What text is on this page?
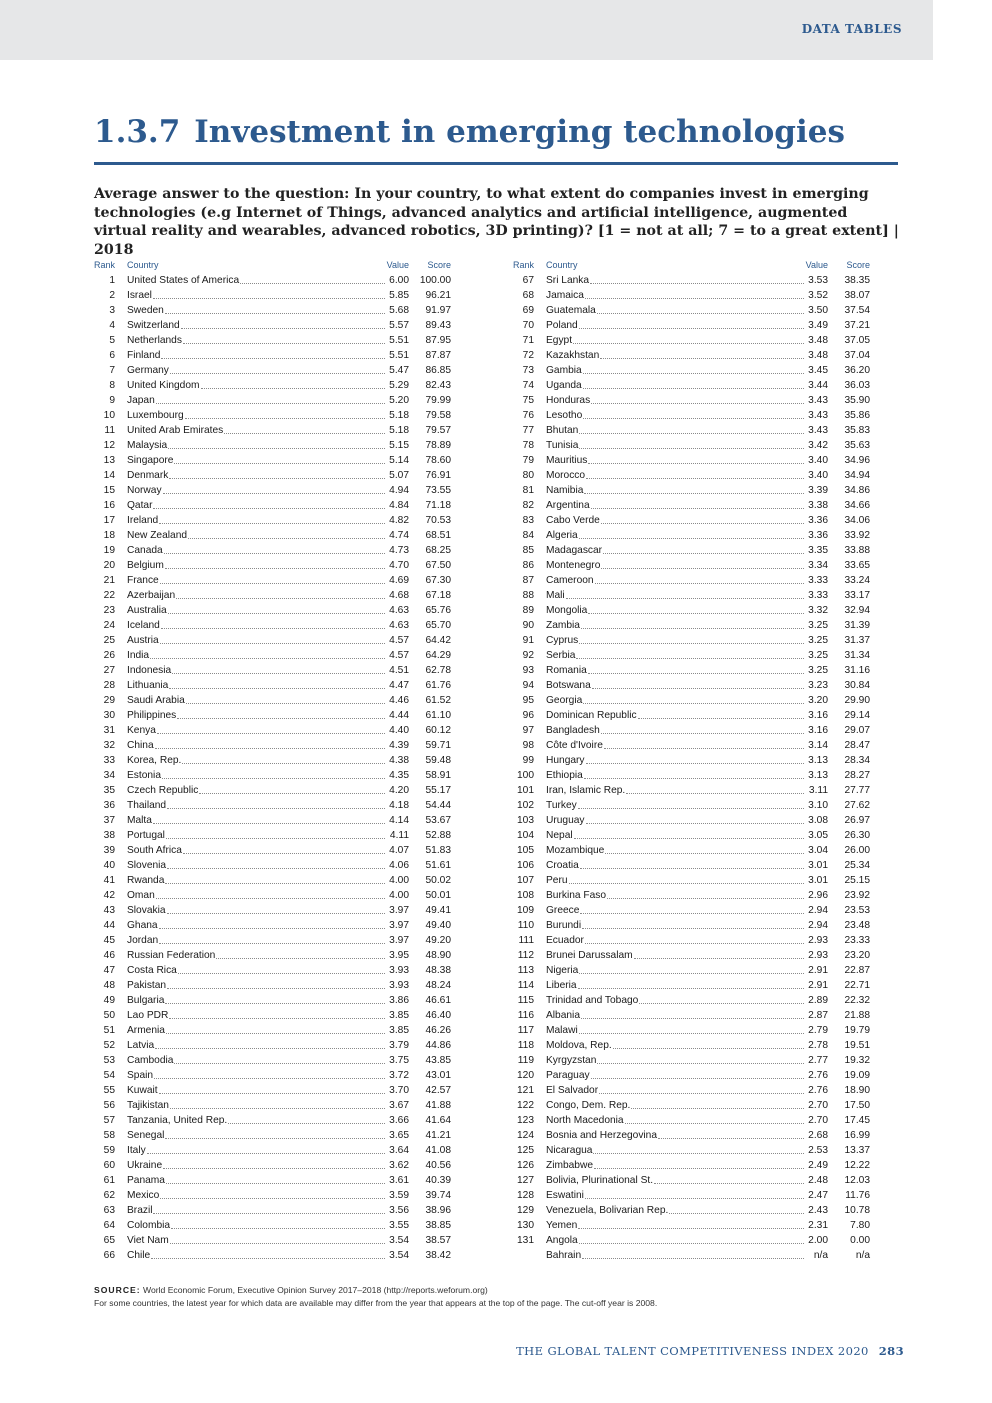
DATA TABLES
1.3.7 Investment in emerging technologies
Average answer to the question: In your country, to what extent do companies invest in emerging technologies (e.g Internet of Things, advanced analytics and artificial intelligence, augmented virtual reality and wearables, advanced robotics, 3D printing)? [1 = not at all; 7 = to a great extent] | 2018
Rank Country	Value	Score
1 United States of America	6.00	100.00
2 Israel	5.85	96.21
3 Sweden	5.68	91.97
4 Switzerland	5.57	89.43
5 Netherlands	5.51	87.95
6 Finland	5.51	87.87
7 Germany	5.47	86.85
8 United Kingdom	5.29	82.43
9 Japan	5.20	79.99
10 Luxembourg	5.18	79.58
11 United Arab Emirates	5.18	79.57
12 Malaysia	5.15	78.89
13 Singapore	5.14	78.60
14 Denmark	5.07	76.91
15 Norway	4.94	73.55
16 Qatar	4.84	71.18
17 Ireland	4.82	70.53
18 New Zealand	4.74	68.51
19 Canada	4.73	68.25
20 Belgium	4.70	67.50
21 France	4.69	67.30
22 Azerbaijan	4.68	67.18
23 Australia	4.63	65.76
24 Iceland	4.63	65.70
25 Austria	4.57	64.42
26 India	4.57	64.29
27 Indonesia	4.51	62.78
28 Lithuania	4.47	61.76
29 Saudi Arabia	4.46	61.52
30 Philippines	4.44	61.10
31 Kenya	4.40	60.12
32 China	4.39	59.71
33 Korea, Rep.	4.38	59.48
34 Estonia	4.35	58.91
35 Czech Republic	4.20	55.17
36 Thailand	4.18	54.44
37 Malta	4.14	53.67
38 Portugal	4.11	52.88
39 South Africa	4.07	51.83
40 Slovenia	4.06	51.61
41 Rwanda	4.00	50.02
42 Oman	4.00	50.01
43 Slovakia	3.97	49.41
44 Ghana	3.97	49.40
45 Jordan	3.97	49.20
46 Russian Federation	3.95	48.90
47 Costa Rica	3.93	48.38
48 Pakistan	3.93	48.24
49 Bulgaria	3.86	46.61
50 Lao PDR	3.85	46.40
51 Armenia	3.85	46.26
52 Latvia	3.79	44.86
53 Cambodia	3.75	43.85
54 Spain	3.72	43.01
55 Kuwait	3.70	42.57
56 Tajikistan	3.67	41.88
57 Tanzania, United Rep.	3.66	41.64
58 Senegal	3.65	41.21
59 Italy	3.64	41.08
60 Ukraine	3.62	40.56
61 Panama	3.61	40.39
62 Mexico	3.59	39.74
63 Brazil	3.56	38.96
64 Colombia	3.55	38.85
65 Viet Nam	3.54	38.57
66 Chile	3.54	38.42
Rank Country	Value	Score
67 Sri Lanka	3.53	38.35
68 Jamaica	3.52	38.07
69 Guatemala	3.50	37.54
70 Poland	3.49	37.21
71 Egypt	3.48	37.05
72 Kazakhstan	3.48	37.04
73 Gambia	3.45	36.20
74 Uganda	3.44	36.03
75 Honduras	3.43	35.90
76 Lesotho	3.43	35.86
77 Bhutan	3.43	35.83
78 Tunisia	3.42	35.63
79 Mauritius	3.40	34.96
80 Morocco	3.40	34.94
81 Namibia	3.39	34.86
82 Argentina	3.38	34.66
83 Cabo Verde	3.36	34.06
84 Algeria	3.36	33.92
85 Madagascar	3.35	33.88
86 Montenegro	3.34	33.65
87 Cameroon	3.33	33.24
88 Mali	3.33	33.17
89 Mongolia	3.32	32.94
90 Zambia	3.25	31.39
91 Cyprus	3.25	31.37
92 Serbia	3.25	31.34
93 Romania	3.25	31.16
94 Botswana	3.23	30.84
95 Georgia	3.20	29.90
96 Dominican Republic	3.16	29.14
97 Bangladesh	3.16	29.07
98 Côte d'Ivoire	3.14	28.47
99 Hungary	3.13	28.34
100 Ethiopia	3.13	28.27
101 Iran, Islamic Rep.	3.11	27.77
102 Turkey	3.10	27.62
103 Uruguay	3.08	26.97
104 Nepal	3.05	26.30
105 Mozambique	3.04	26.00
106 Croatia	3.01	25.34
107 Peru	3.01	25.15
108 Burkina Faso	2.96	23.92
109 Greece	2.94	23.53
110 Burundi	2.94	23.48
111 Ecuador	2.93	23.33
112 Brunei Darussalam	2.93	23.20
113 Nigeria	2.91	22.87
114 Liberia	2.91	22.71
115 Trinidad and Tobago	2.89	22.32
116 Albania	2.87	21.88
117 Malawi	2.79	19.79
118 Moldova, Rep.	2.78	19.51
119 Kyrgyzstan	2.77	19.32
120 Paraguay	2.76	19.09
121 El Salvador	2.76	18.90
122 Congo, Dem. Rep.	2.70	17.50
123 North Macedonia	2.70	17.45
124 Bosnia and Herzegovina	2.68	16.99
125 Nicaragua	2.53	13.37
126 Zimbabwe	2.49	12.22
127 Bolivia, Plurinational St.	2.48	12.03
128 Eswatini	2.47	11.76
129 Venezuela, Bolivarian Rep.	2.43	10.78
130 Yemen	2.31	7.80
131 Angola	2.00	0.00
Bahrain	n/a	n/a
SOURCE: World Economic Forum, Executive Opinion Survey 2017–2018 (http://reports.weforum.org)
For some countries, the latest year for which data are available may differ from the year that appears at the top of the page. The cut-off year is 2008.
THE GLOBAL TALENT COMPETITIVENESS INDEX 2020 283
